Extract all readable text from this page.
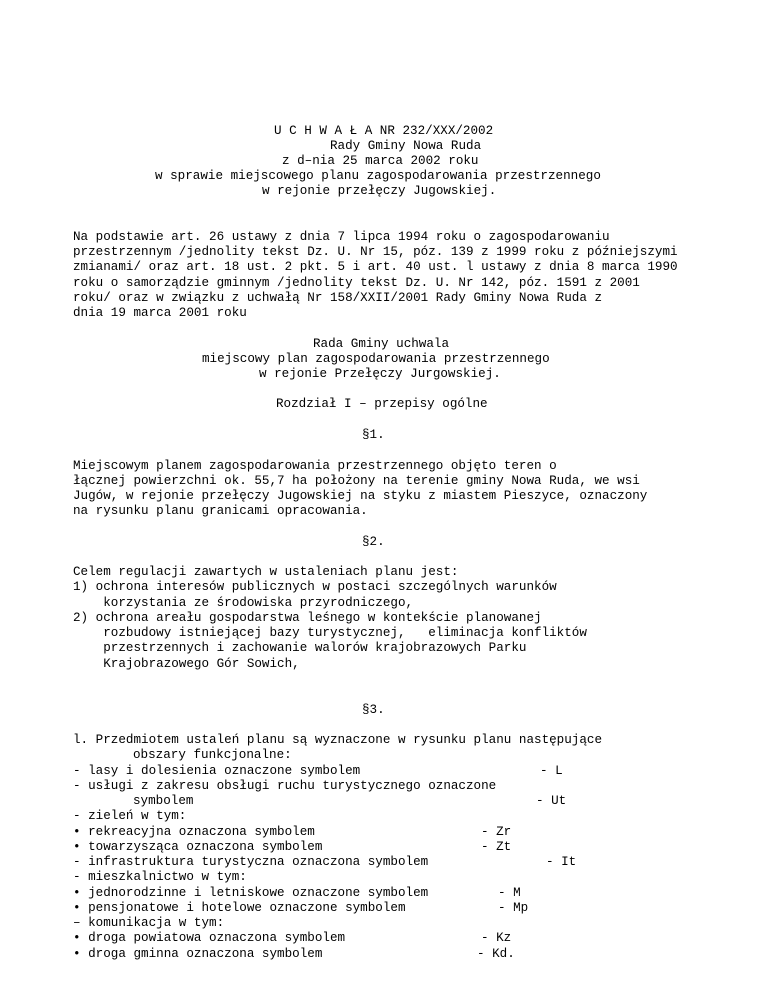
U C H W A Ł A NR 232/XXX/2002
Rady Gminy Nowa Ruda
z d–nia 25 marca 2002 roku
w sprawie miejscowego planu zagospodarowania przestrzennego
w rejonie przełęczy Jugowskiej.
Na podstawie art. 26 ustawy z dnia 7 lipca 1994 roku o zagospodarowaniu
przestrzennym /jednolity tekst Dz. U. Nr 15, póz. 139 z 1999 roku z późniejszymi
zmianami/ oraz art. 18 ust. 2 pkt. 5 i art. 40 ust. l ustawy z dnia 8 marca 1990
roku o samorządzie gminnym /jednolity tekst Dz. U. Nr 142, póz. 1591 z 2001
roku/ oraz w związku z uchwałą Nr 158/XXII/2001 Rady Gminy Nowa Ruda z
dnia 19 marca 2001 roku
Rada Gminy uchwala
miejscowy plan zagospodarowania przestrzennego
w rejonie Przełęczy Jurgowskiej.
Rozdział I – przepisy ogólne
§1.
Miejscowym planem zagospodarowania przestrzennego objęto teren o
łącznej powierzchni ok. 55,7 ha położony na terenie gminy Nowa Ruda, we wsi
Jugów, w rejonie przełęczy Jugowskiej na styku z miastem Pieszyce, oznaczony
na rysunku planu granicami opracowania.
§2.
Celem regulacji zawartych w ustaleniach planu jest:
1) ochrona interesów publicznych w postaci szczególnych warunków
korzystania ze środowiska przyrodniczego,
2) ochrona areału gospodarstwa leśnego w kontekście planowanej
rozbudowy istniejącej bazy turystycznej,   eliminacja konfliktów
przestrzennych i zachowanie walorów krajobrazowych Parku
Krajobrazowego Gór Sowich,
§3.
l. Przedmiotem ustaleń planu są wyznaczone w rysunku planu następujące
obszary funkcjonalne:
- lasy i dolesienia oznaczone symbolem	- L
- usługi z zakresu obsługi ruchu turystycznego oznaczone
symbolem	- Ut
- zieleń w tym:
• rekreacyjna oznaczona symbolem	- Zr
• towarzysząca oznaczona symbolem	- Zt
- infrastruktura turystyczna oznaczona symbolem	- It
- mieszkalnictwo w tym:
• jednorodzinne i letniskowe oznaczone symbolem	- M
• pensjonatowe i hotelowe oznaczone symbolem	- Mp
– komunikacja w tym:
• droga powiatowa oznaczona symbolem	- Kz
• droga gminna oznaczona symbolem	- Kd.
